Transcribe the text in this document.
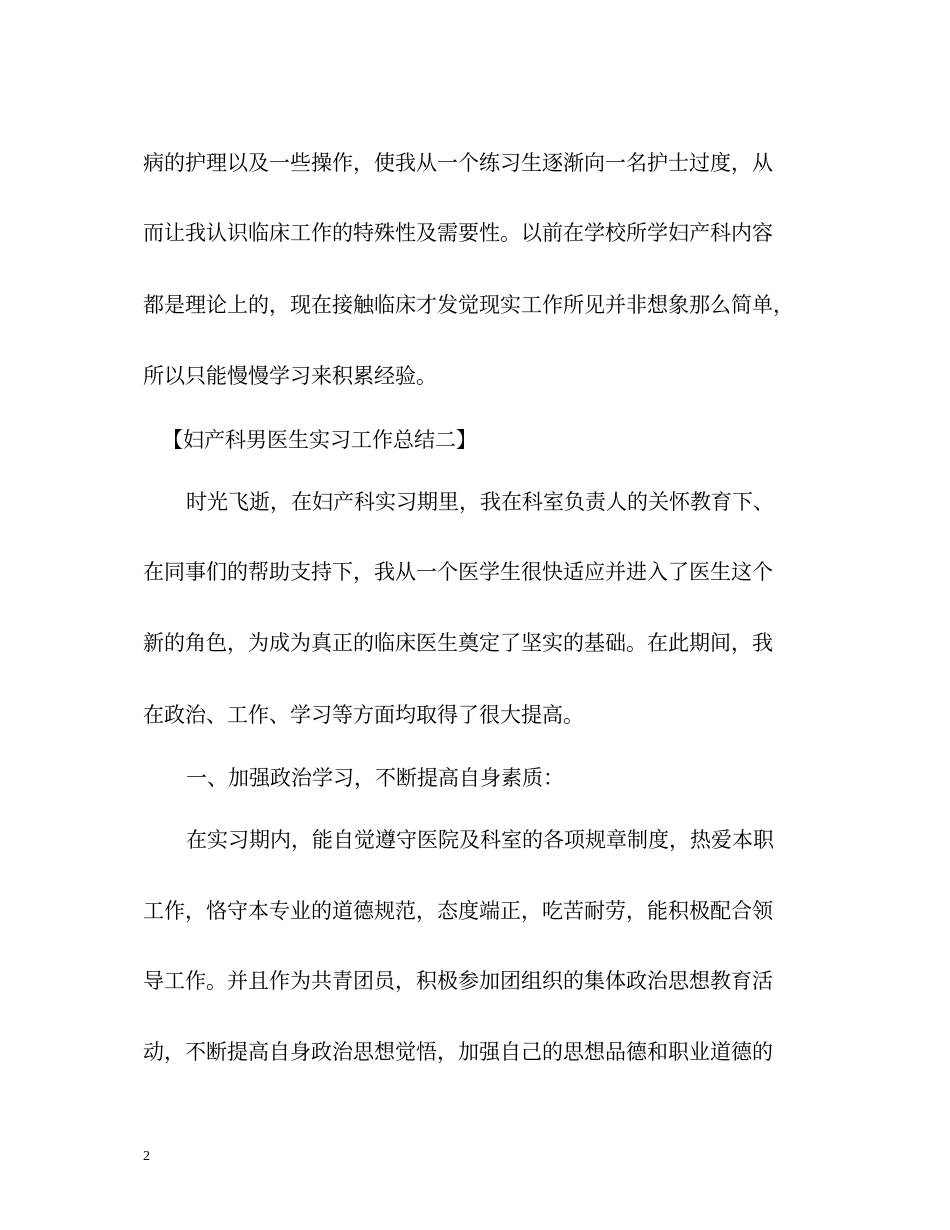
病的护理以及一些操作，使我从一个练习生逐渐向一名护士过度，从
而让我认识临床工作的特殊性及需要性。以前在学校所学妇产科内容
都是理论上的，现在接触临床才发觉现实工作所见并非想象那么简单，
所以只能慢慢学习来积累经验。
【妇产科男医生实习工作总结二】
时光飞逝，在妇产科实习期里，我在科室负责人的关怀教育下、
在同事们的帮助支持下，我从一个医学生很快适应并进入了医生这个
新的角色，为成为真正的临床医生奠定了坚实的基础。在此期间，我
在政治、工作、学习等方面均取得了很大提高。
一、加强政治学习，不断提高自身素质：
在实习期内，能自觉遵守医院及科室的各项规章制度，热爱本职
工作，恪守本专业的道德规范，态度端正，吃苦耐劳，能积极配合领
导工作。并且作为共青团员，积极参加团组织的集体政治思想教育活
动，不断提高自身政治思想觉悟，加强自己的思想品德和职业道德的
2
